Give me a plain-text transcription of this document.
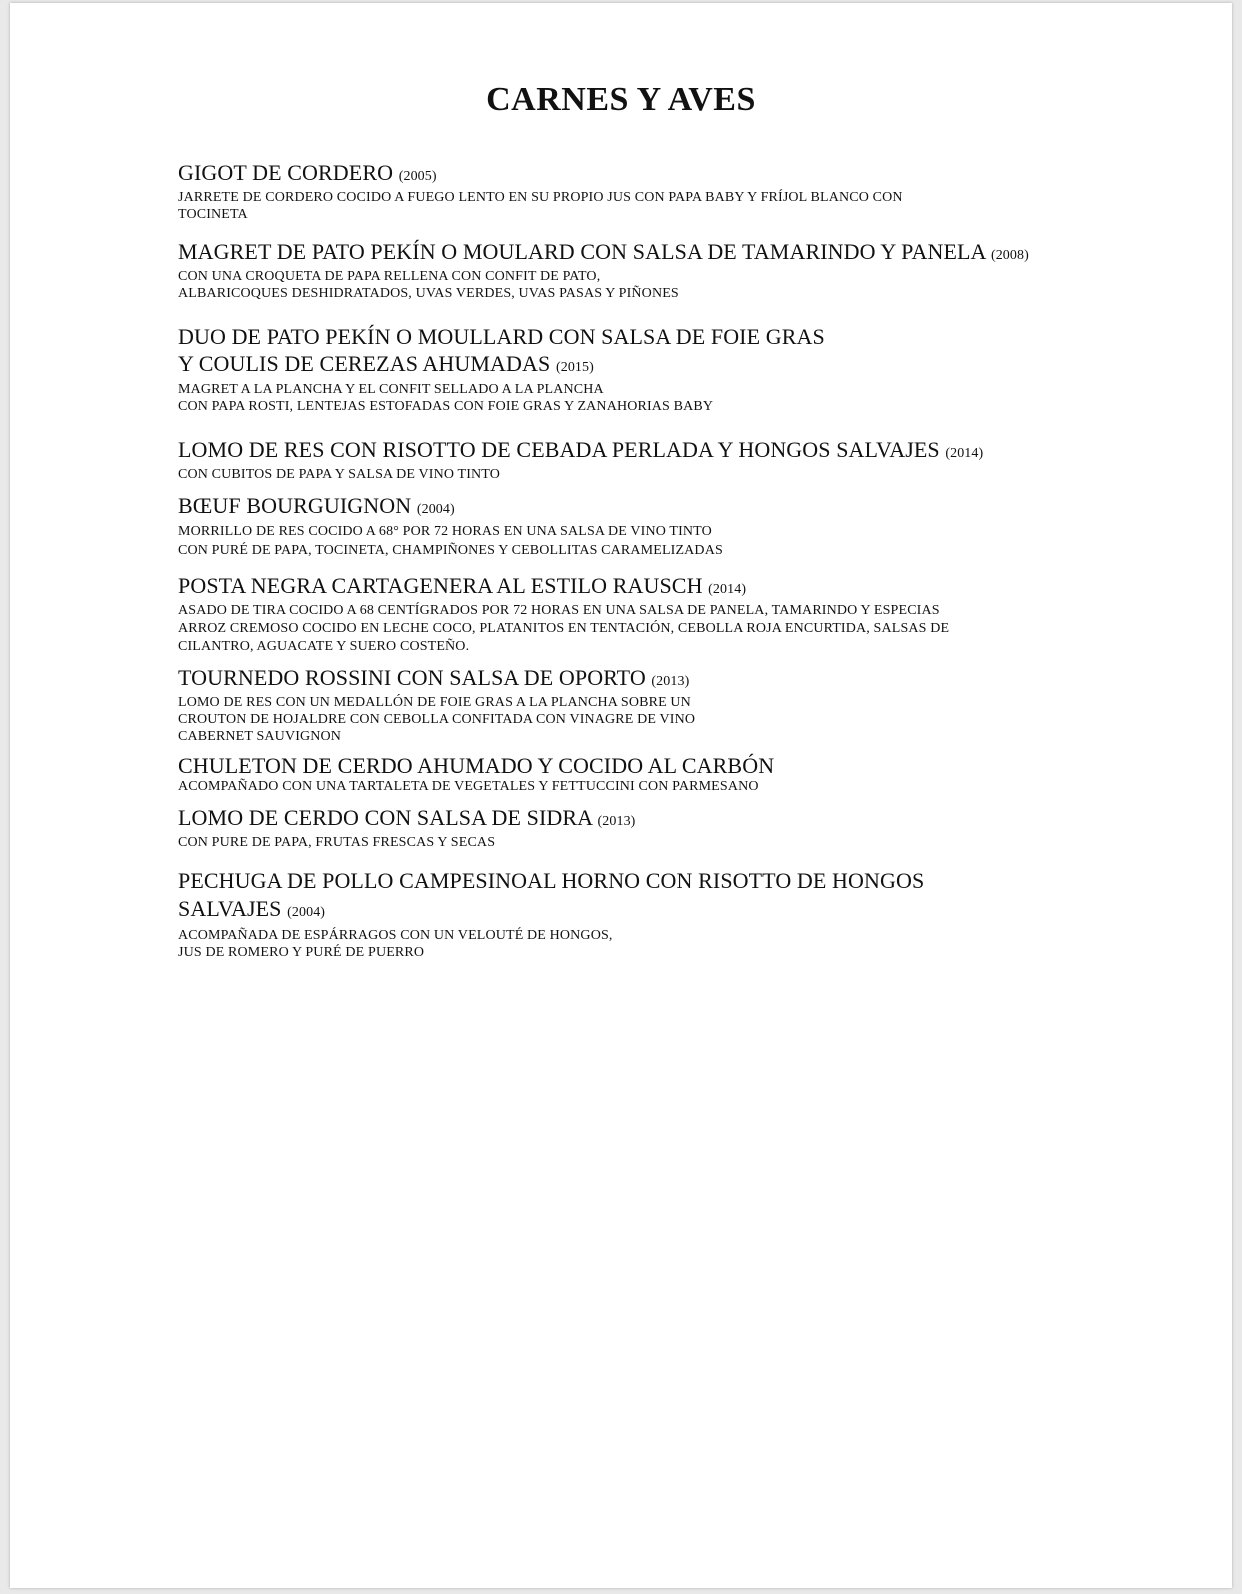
CARNES Y AVES
GIGOT DE CORDERO (2005)
JARRETE DE CORDERO COCIDO A FUEGO LENTO EN SU PROPIO JUS CON PAPA BABY Y FRÍJOL BLANCO CON
TOCINETA
MAGRET DE PATO PEKÍN O MOULARD CON SALSA DE TAMARINDO Y PANELA (2008)
CON UNA CROQUETA DE PAPA RELLENA CON CONFIT DE PATO,
ALBARICOQUES DESHIDRATADOS, UVAS VERDES, UVAS PASAS Y PIÑONES
DUO DE PATO PEKÍN O MOULLARD CON SALSA DE FOIE GRAS
Y COULIS DE CEREZAS AHUMADAS (2015)
MAGRET A LA PLANCHA Y EL CONFIT SELLADO A LA PLANCHA
CON PAPA ROSTI, LENTEJAS ESTOFADAS CON FOIE GRAS Y ZANAHORIAS BABY
LOMO DE RES CON RISOTTO DE CEBADA PERLADA Y HONGOS SALVAJES (2014)
CON CUBITOS DE PAPA Y SALSA DE VINO TINTO
BŒUF BOURGUIGNON (2004)
MORRILLO DE RES COCIDO A 68° POR 72 HORAS EN UNA SALSA DE VINO TINTO
CON PURÉ DE PAPA, TOCINETA, CHAMPIÑONES Y CEBOLLITAS CARAMELIZADAS
POSTA NEGRA CARTAGENERA AL ESTILO RAUSCH (2014)
ASADO DE TIRA COCIDO A 68 CENTÍGRADOS POR 72 HORAS EN UNA SALSA DE PANELA, TAMARINDO Y ESPECIAS
ARROZ CREMOSO COCIDO EN LECHE COCO, PLATANITOS EN TENTACIÓN, CEBOLLA ROJA ENCURTIDA, SALSAS DE
CILANTRO, AGUACATE Y SUERO COSTEÑO.
TOURNEDO ROSSINI CON SALSA DE OPORTO (2013)
LOMO DE RES CON UN MEDALLÓN DE FOIE GRAS A LA PLANCHA SOBRE UN
CROUTON DE HOJALDRE CON CEBOLLA CONFITADA CON VINAGRE DE VINO
CABERNET SAUVIGNON
CHULETON DE CERDO AHUMADO Y COCIDO AL CARBÓN
ACOMPAÑADO CON UNA TARTALETA DE VEGETALES Y FETTUCCINI CON PARMESANO
LOMO DE CERDO CON SALSA DE SIDRA (2013)
CON PURE DE PAPA, FRUTAS FRESCAS Y SECAS
PECHUGA DE POLLO CAMPESINOAL HORNO CON RISOTTO DE HONGOS
SALVAJES (2004)
ACOMPAÑADA DE ESPÁRRAGOS CON UN VELOUTÉ DE HONGOS,
JUS DE ROMERO Y PURÉ DE PUERRO
